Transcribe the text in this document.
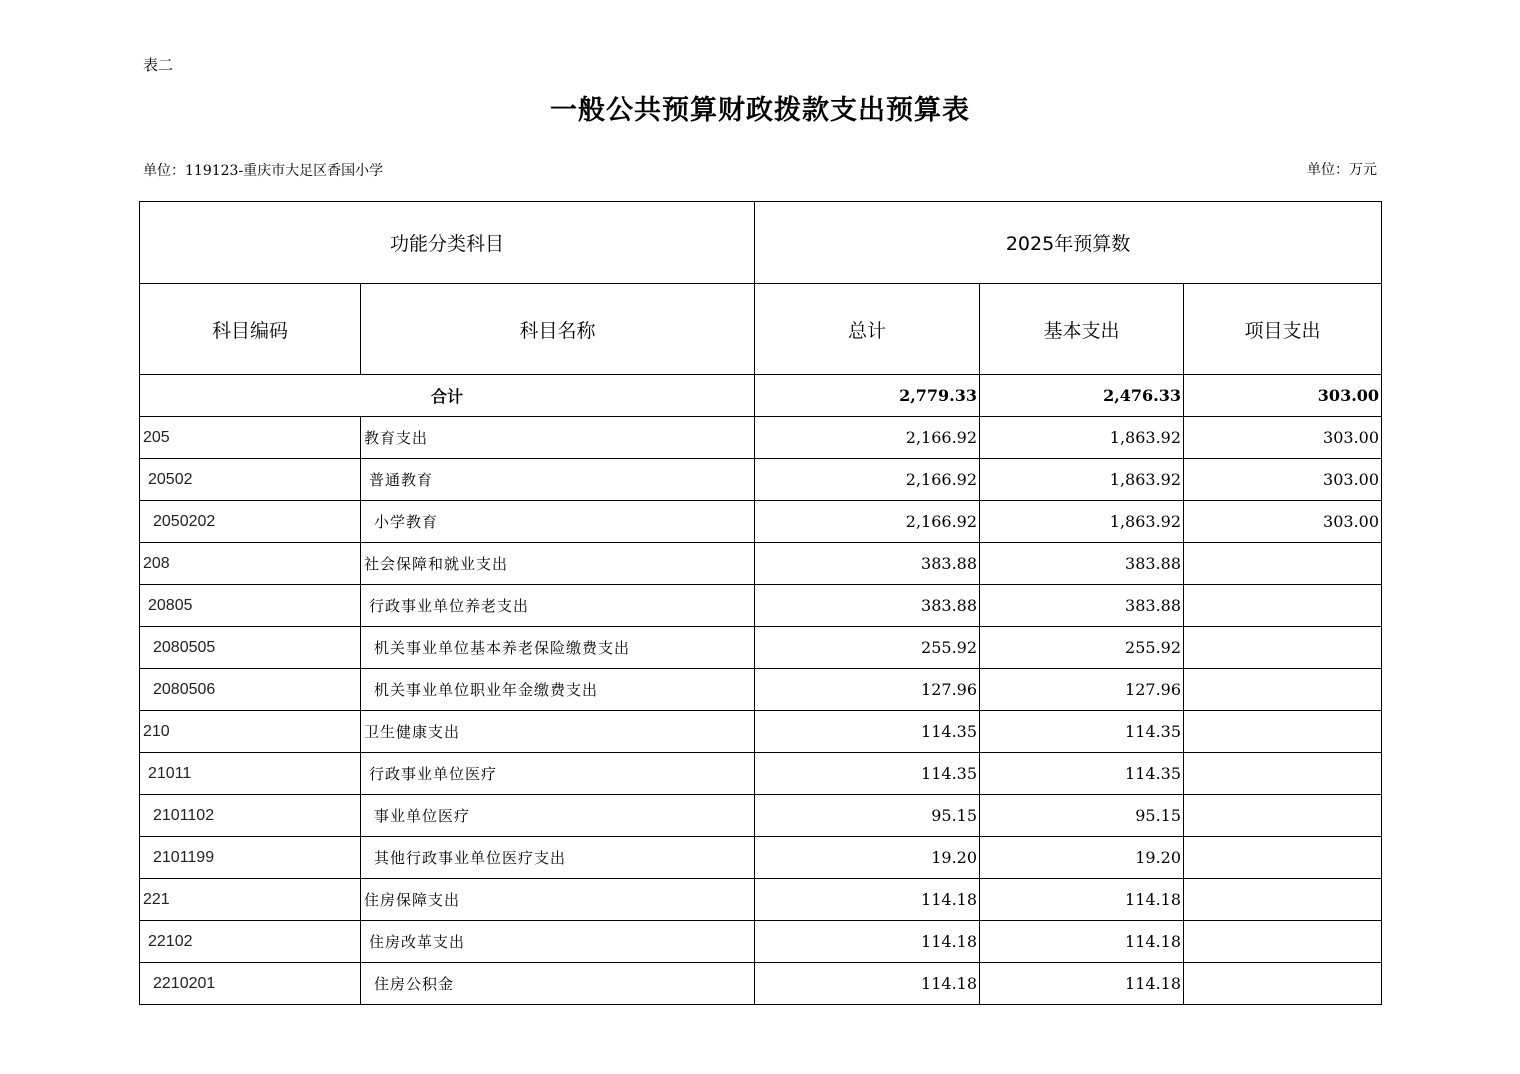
表二
一般公共预算财政拨款支出预算表
单位：119123-重庆市大足区香国小学	单位：万元
功能分类科目		2025年预算数		
科目编码	科目名称	总计	基本支出	项目支出
合计		2,779.33	2,476.33	303.00
205	教育支出	2,166.92	1,863.92	303.00
20502	普通教育	2,166.92	1,863.92	303.00
2050202	小学教育	2,166.92	1,863.92	303.00
208	社会保障和就业支出	383.88	383.88	
20805	行政事业单位养老支出	383.88	383.88	
2080505	机关事业单位基本养老保险缴费支出	255.92	255.92	
2080506	机关事业单位职业年金缴费支出	127.96	127.96	
210	卫生健康支出	114.35	114.35	
21011	行政事业单位医疗	114.35	114.35	
2101102	事业单位医疗	95.15	95.15	
2101199	其他行政事业单位医疗支出	19.20	19.20	
221	住房保障支出	114.18	114.18	
22102	住房改革支出	114.18	114.18	
2210201	住房公积金	114.18	114.18	
